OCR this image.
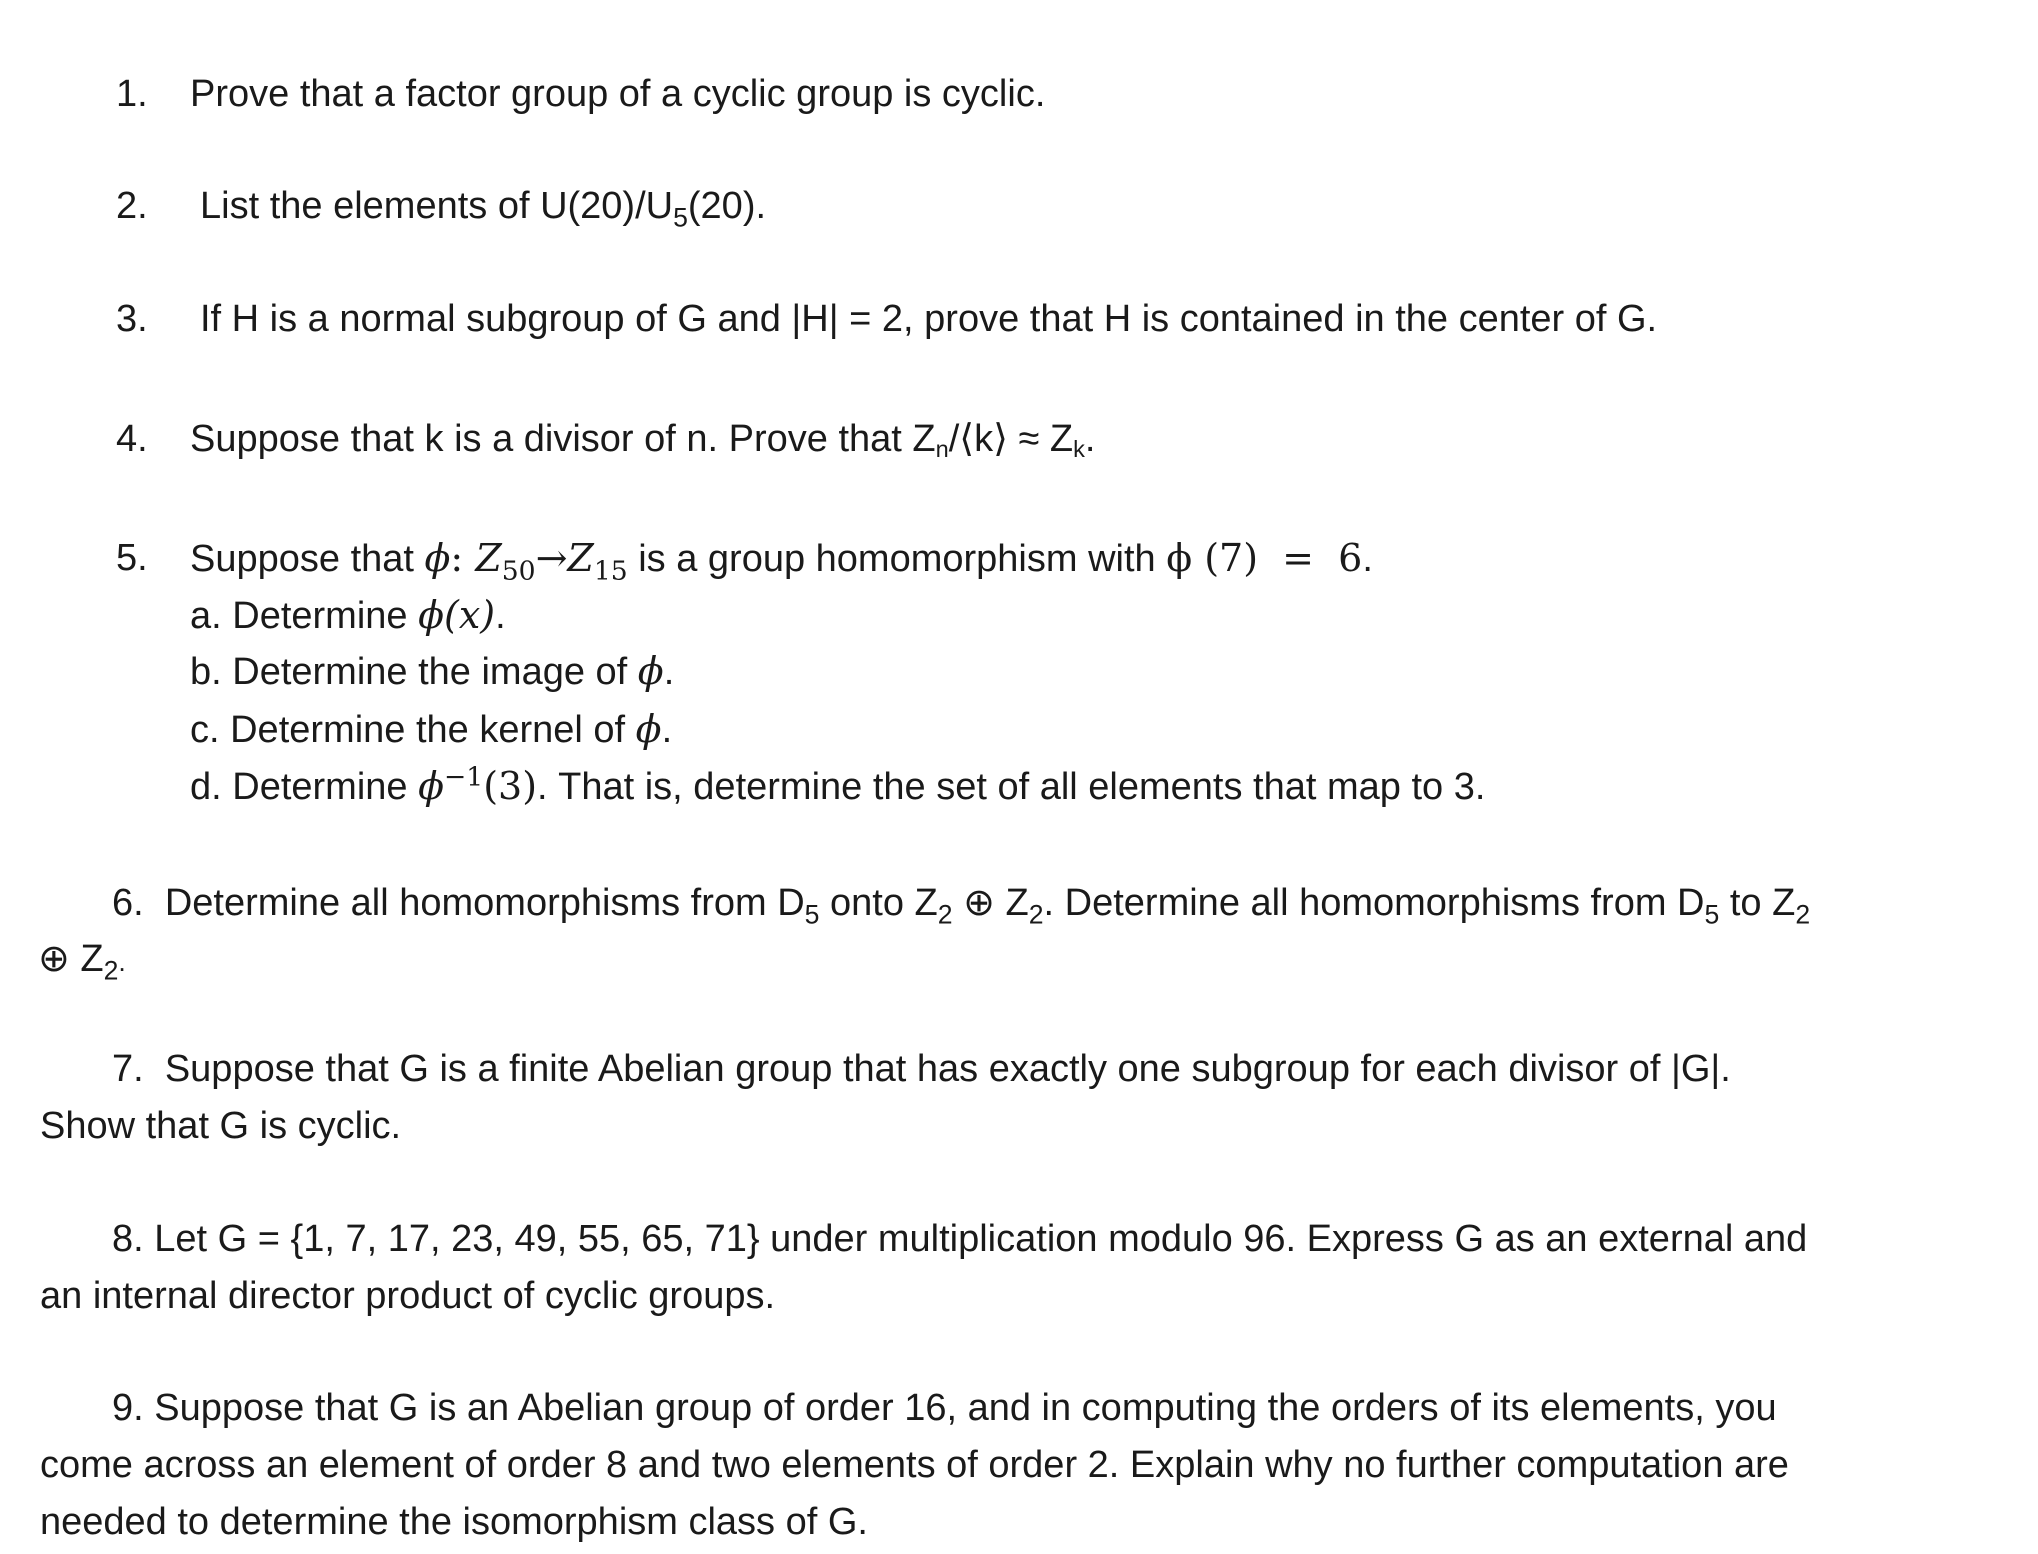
1. Prove that a factor group of a cyclic group is cyclic.
2. List the elements of $U(20)/U_5(20)$.
3. If H is a normal subgroup of G and |H| = 2, prove that H is contained in the center of G.
4. Suppose that k is a divisor of n. Prove that Zn/⟨k⟩ ≈ Zk.
5. Suppose that ϕ: $Z_{50}\to Z_{15}$ is a group homomorphism with ϕ (7)  =  6.
a. Determine ϕ(x).
b. Determine the image of ϕ.
c. Determine the kernel of ϕ.
d. Determine $\phi^{-1}(3)$. That is, determine the set of all elements that map to 3.
6. Determine all homomorphisms from $D_5$ onto $Z_2$ ⊕ $Z_2$. Determine all homomorphisms from $D_5$ to $Z_2$
⊕ $Z_2$.
7. Suppose that G is a finite Abelian group that has exactly one subgroup for each divisor of |G|.
Show that G is cyclic.
8. Let G = {1, 7, 17, 23, 49, 55, 65, 71} under multiplication modulo 96. Express G as an external and
an internal director product of cyclic groups.
9. Suppose that G is an Abelian group of order 16, and in computing the orders of its elements, you
come across an element of order 8 and two elements of order 2. Explain why no further computation are
needed to determine the isomorphism class of G.
